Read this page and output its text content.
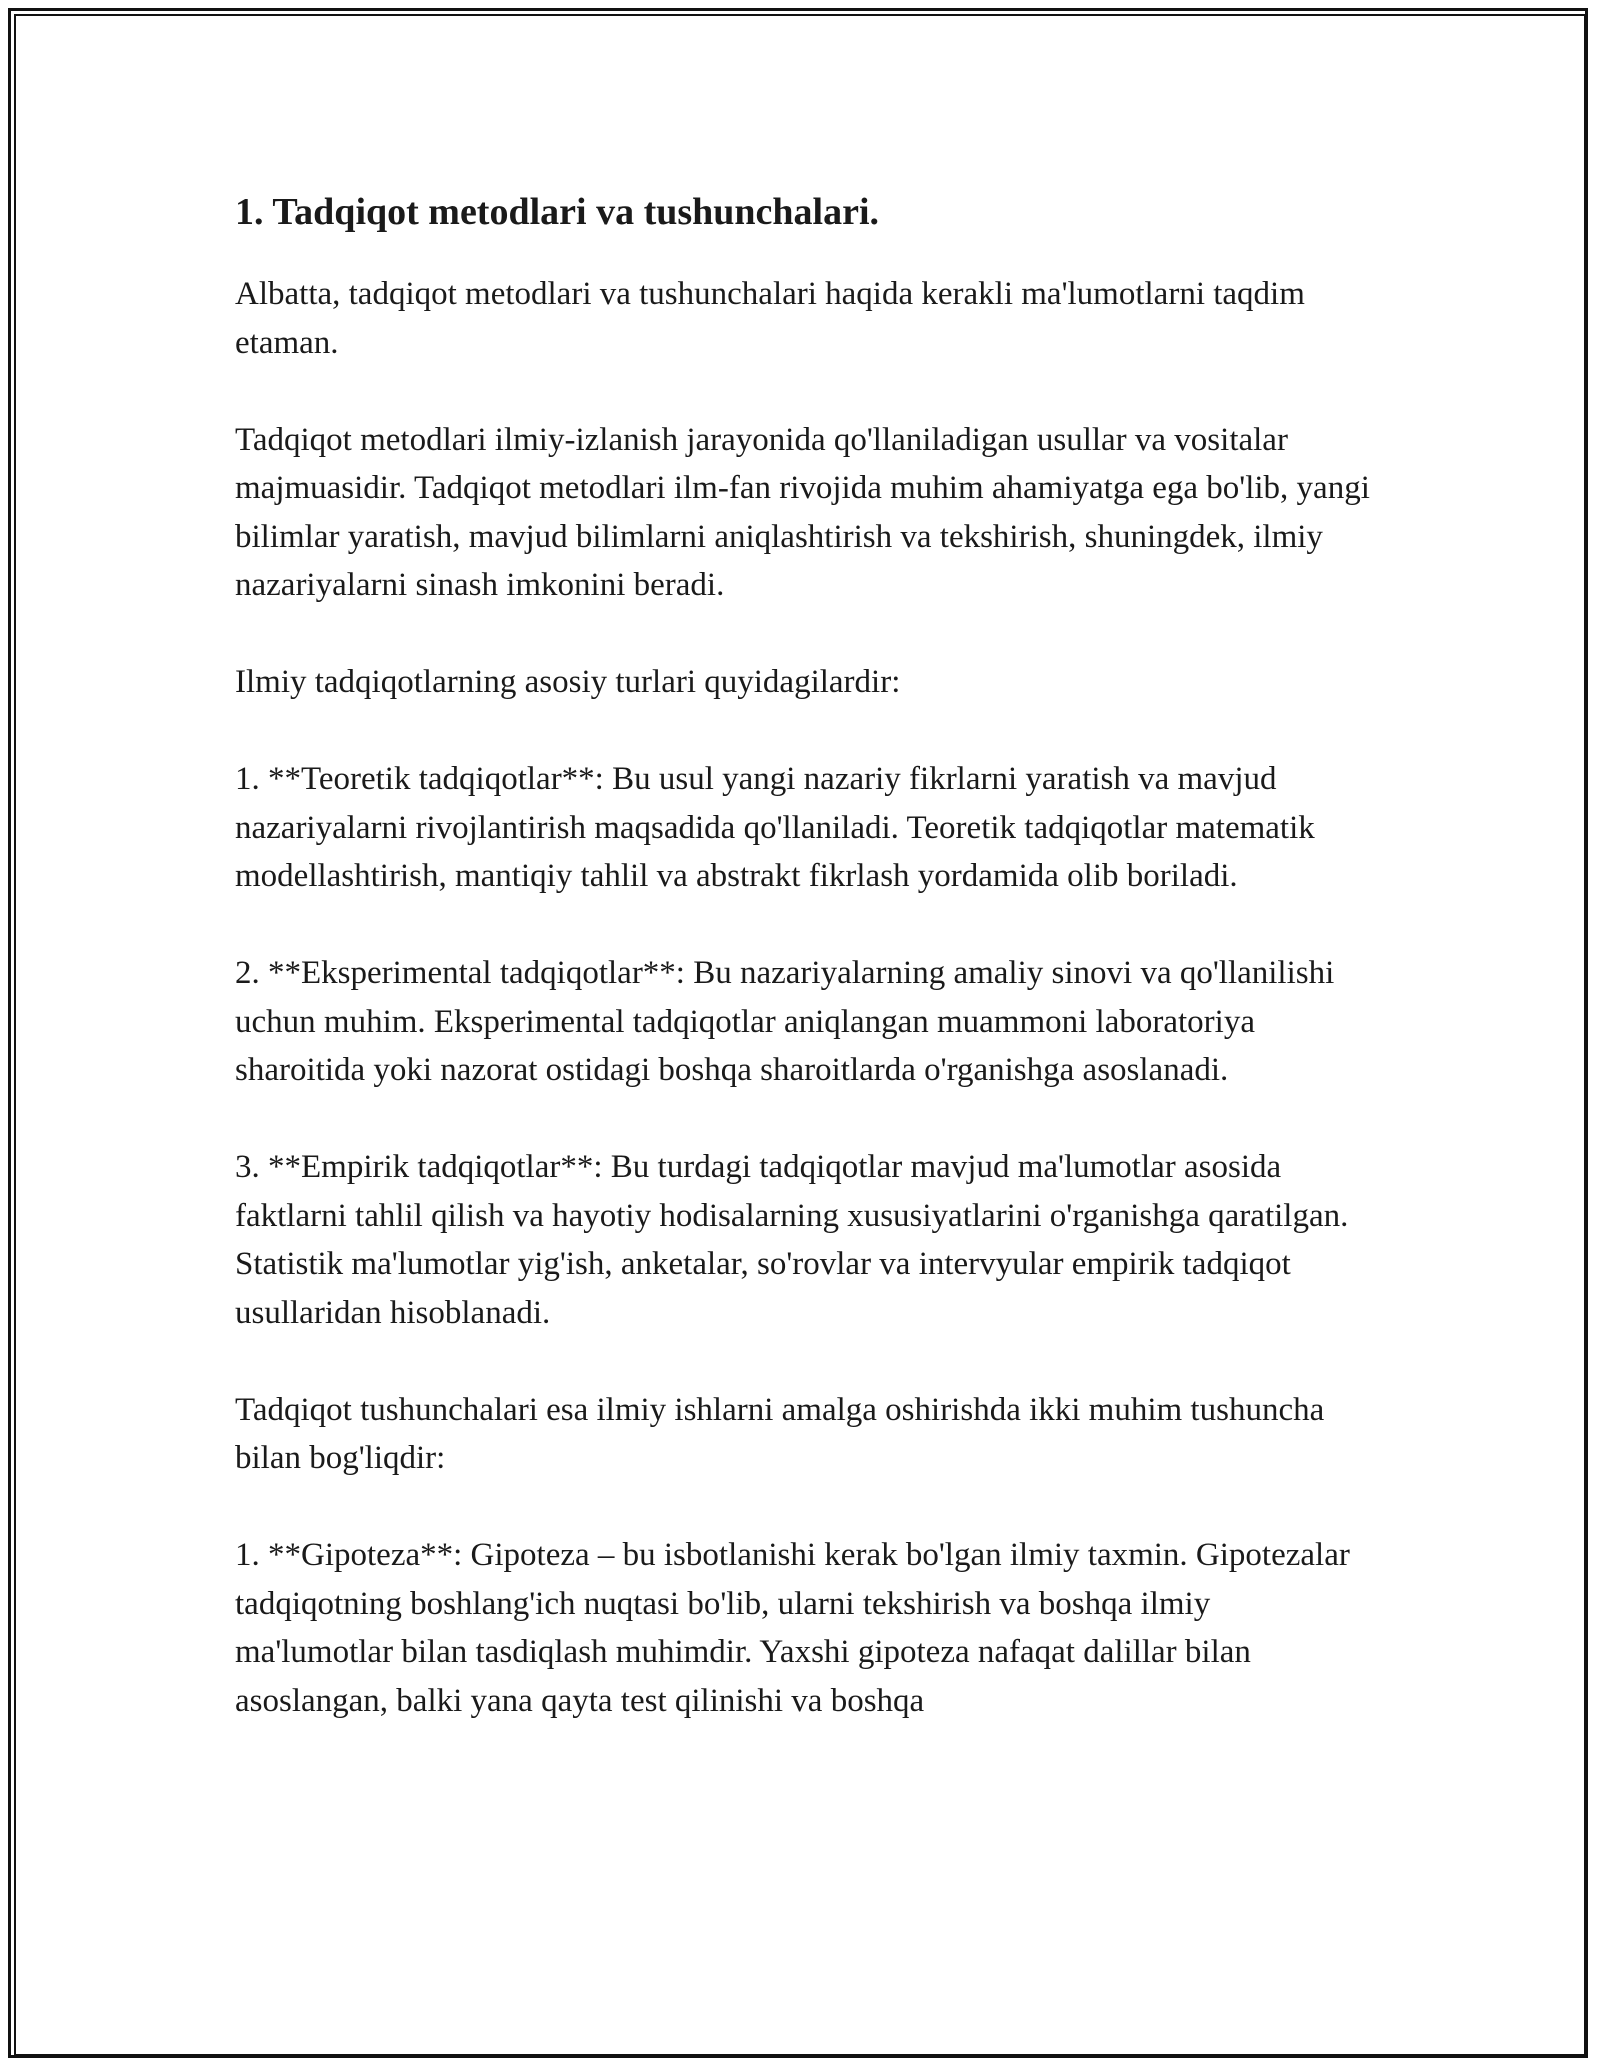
1. Tadqiqot metodlari va tushunchalari.

Albatta, tadqiqot metodlari va tushunchalari haqida kerakli ma'lumotlarni taqdim etaman.

Tadqiqot metodlari ilmiy-izlanish jarayonida qo'llaniladigan usullar va vositalar majmuasidir. Tadqiqot metodlari ilm-fan rivojida muhim ahamiyatga ega bo'lib, yangi bilimlar yaratish, mavjud bilimlarni aniqlashtirish va tekshirish, shuningdek, ilmiy nazariyalarni sinash imkonini beradi.

Ilmiy tadqiqotlarning asosiy turlari quyidagilardir:

1. **Teoretik tadqiqotlar**: Bu usul yangi nazariy fikrlarni yaratish va mavjud nazariyalarni rivojlantirish maqsadida qo'llaniladi. Teoretik tadqiqotlar matematik modellashtirish, mantiqiy tahlil va abstrakt fikrlash yordamida olib boriladi.

2. **Eksperimental tadqiqotlar**: Bu nazariyalarning amaliy sinovi va qo'llanilishi uchun muhim. Eksperimental tadqiqotlar aniqlangan muammoni laboratoriya sharoitida yoki nazorat ostidagi boshqa sharoitlarda o'rganishga asoslanadi.

3. **Empirik tadqiqotlar**: Bu turdagi tadqiqotlar mavjud ma'lumotlar asosida faktlarni tahlil qilish va hayotiy hodisalarning xususiyatlarini o'rganishga qaratilgan. Statistik ma'lumotlar yig'ish, anketalar, so'rovlar va intervyular empirik tadqiqot usullaridan hisoblanadi.

Tadqiqot tushunchalari esa ilmiy ishlarni amalga oshirishda ikki muhim tushuncha bilan bog'liqdir:

1. **Gipoteza**: Gipoteza – bu isbotlanishi kerak bo'lgan ilmiy taxmin. Gipotezalar tadqiqotning boshlang'ich nuqtasi bo'lib, ularni tekshirish va boshqa ilmiy ma'lumotlar bilan tasdiqlash muhimdir. Yaxshi gipoteza nafaqat dalillar bilan asoslangan, balki yana qayta test qilinishi va boshqa
